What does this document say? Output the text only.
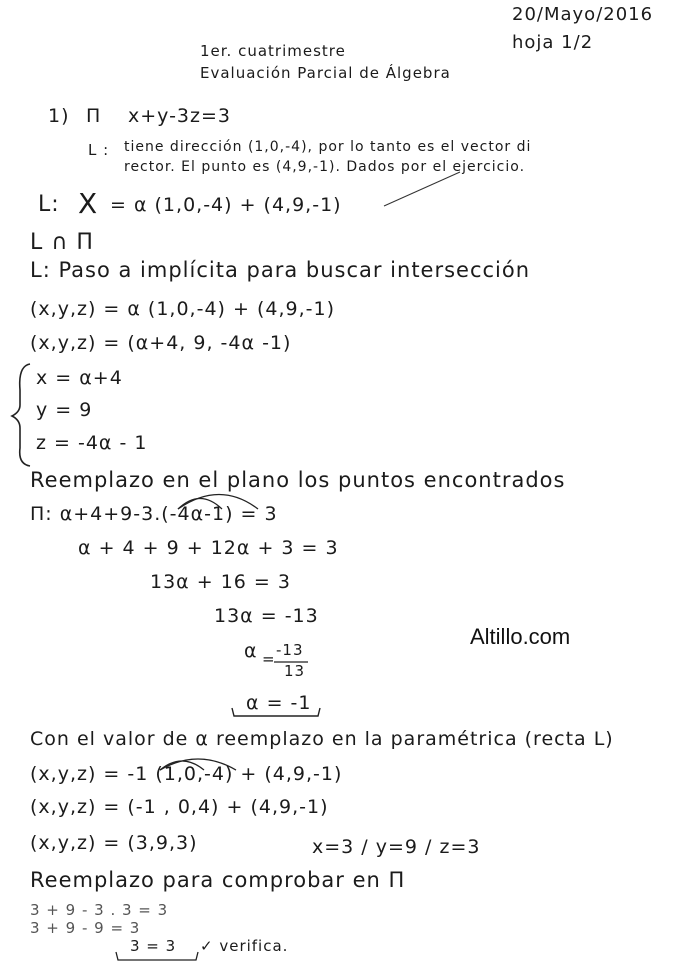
20/Mayo/2016
hoja 1/2
1er. cuatrimestre
Evaluación Parcial de Álgebra
1) Π x+y-3z=3
L : tiene dirección (1,0,-4), por lo tanto es el vector di
rector. El punto es (4,9,-1). Dados por el ejercicio.
L: X = α (1,0,-4) + (4,9,-1)
L ∩ Π
L: Paso a implícita para buscar intersección
(x,y,z) = α (1,0,-4) + (4,9,-1)
(x,y,z) = (α+4, 9, -4α -1)
x = α+4
y = 9
z = -4α - 1
Reemplazo en el plano los puntos encontrados
Π: α+4+9-3.(-4α-1) = 3
α + 4 + 9 + 12α + 3 = 3
13α + 16 = 3
13α = -13
α = -13
13
α = -1
Altillo.com
Con el valor de α reemplazo en la paramétrica (recta L)
(x,y,z) = -1 (1,0,-4) + (4,9,-1)
(x,y,z) = (-1 , 0,4) + (4,9,-1)
(x,y,z) = (3,9,3)	x=3 / y=9 / z=3
Reemplazo para comprobar en Π
3 + 9 - 3 . 3 = 3
3 + 9 - 9 = 3
3 = 3 ✓ verifica.
